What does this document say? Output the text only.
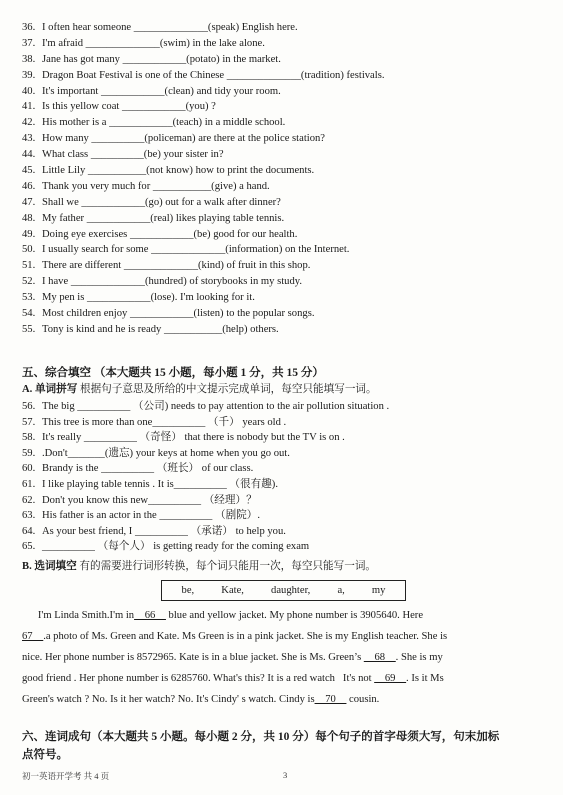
36. I often hear someone ______________(speak) English here.
37. I'm afraid ______________(swim) in the lake alone.
38. Jane has got many ____________(potato) in the market.
39. Dragon Boat Festival is one of the Chinese ______________(tradition) festivals.
40. It's important ____________(clean) and tidy your room.
41. Is this yellow coat ____________(you) ?
42. His mother is a ____________(teach) in a middle school.
43. How many __________(policeman) are there at the police station?
44. What class __________(be) your sister in?
45. Little Lily ___________(not know) how to print the documents.
46. Thank you very much for ___________(give) a hand.
47. Shall we ____________(go) out for a walk after dinner?
48. My father ____________(real) likes playing table tennis.
49. Doing eye exercises ____________(be) good for our health.
50. I usually search for some ______________(information) on the Internet.
51. There are different ______________(kind) of fruit in this shop.
52. I have ______________(hundred) of storybooks in my study.
53. My pen is ____________(lose). I'm looking for it.
54. Most children enjoy ____________(listen) to the popular songs.
55. Tony is kind and he is ready ___________(help) others.
五、综合填空 （本大题共 15 小题，每小题 1 分，共 15 分）
A. 单词拼写 根据句子意思及所给的中文提示完成单词，每空只能填写一词。
56. The big __________ （公司) needs to pay attention to the air pollution situation .
57. This tree is more than one__________ （千） years old .
58. It's really __________ （奇怪） that there is nobody but the TV is on .
59. .Don't_______(遗忘) your keys at home when you go out.
60. Brandy is the __________ （班长） of our class.
61. I like playing table tennis . It is__________ （很有趣).
62. Don't you know this new__________ （经理）？
63. His father is an actor in the __________ （剧院）.
64. As your best friend, I __________ （承诺） to help you.
65. __________ （每个人） is getting ready for the coming exam
B. 选词填空 有的需要进行词形转换，每个词只能用一次，每空只能写一词。
be,	Kate,	daughter,	a,	my
I'm Linda Smith.I'm in__66__ blue and yellow jacket. My phone number is 3905640. Here
67__.a photo of Ms. Green and Kate. Ms Green is in a pink jacket. She is my English teacher. She is
nice. Her phone number is 8572965. Kate is in a blue jacket. She is Ms. Green’s __68__. She is my
good friend . Her phone number is 6285760. What's this? It is a red watch   It's not __69__. Is it Ms
Green's watch ? No. Is it her watch? No. It's Cindy' s watch. Cindy is__70__ cousin.
六、连词成句（本大题共 5 小题。每小题 2 分，共 10 分）每个句子的首字母须大写，句末加标
点符号。
初一英语开学考 共 4 页	3
